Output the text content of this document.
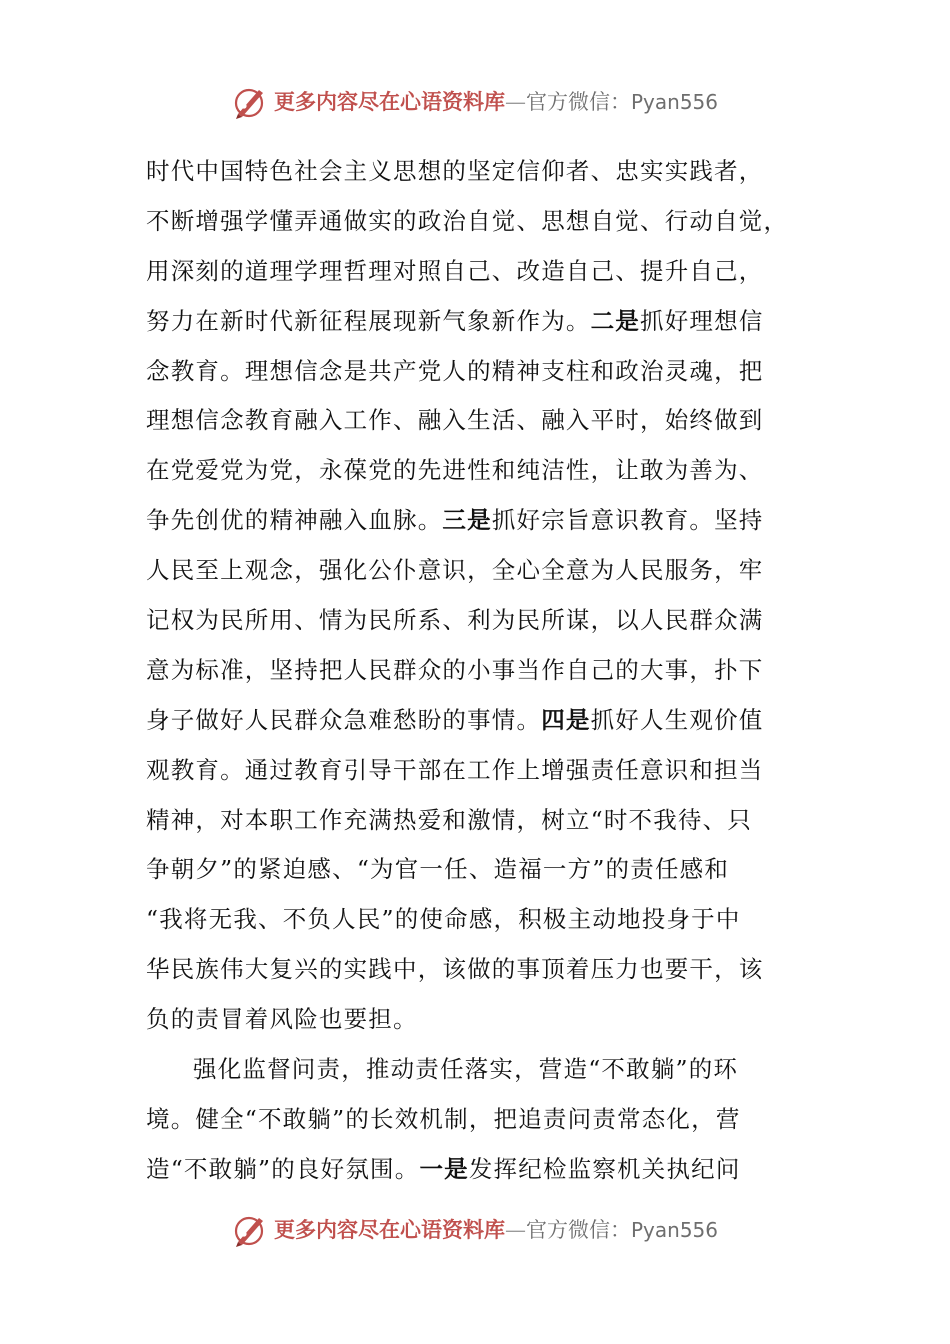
更多内容尽在心语资料库—官方微信：Pyan556
时代中国特色社会主义思想的坚定信仰者、忠实实践者，
不断增强学懂弄通做实的政治自觉、思想自觉、行动自觉，
用深刻的道理学理哲理对照自己、改造自己、提升自己，
努力在新时代新征程展现新气象新作为。二是抓好理想信
念教育。理想信念是共产党人的精神支柱和政治灵魂，把
理想信念教育融入工作、融入生活、融入平时，始终做到
在党爱党为党，永葆党的先进性和纯洁性，让敢为善为、
争先创优的精神融入血脉。三是抓好宗旨意识教育。坚持
人民至上观念，强化公仆意识，全心全意为人民服务，牢
记权为民所用、情为民所系、利为民所谋，以人民群众满
意为标准，坚持把人民群众的小事当作自己的大事，扑下
身子做好人民群众急难愁盼的事情。四是抓好人生观价值
观教育。通过教育引导干部在工作上增强责任意识和担当
精神，对本职工作充满热爱和激情，树立“时不我待、只
争朝夕”的紧迫感、“为官一任、造福一方”的责任感和
“我将无我、不负人民”的使命感，积极主动地投身于中
华民族伟大复兴的实践中，该做的事顶着压力也要干，该
负的责冒着风险也要担。
强化监督问责，推动责任落实，营造“不敢躺”的环
境。健全“不敢躺”的长效机制，把追责问责常态化，营
造“不敢躺”的良好氛围。一是发挥纪检监察机关执纪问
更多内容尽在心语资料库—官方微信：Pyan556
